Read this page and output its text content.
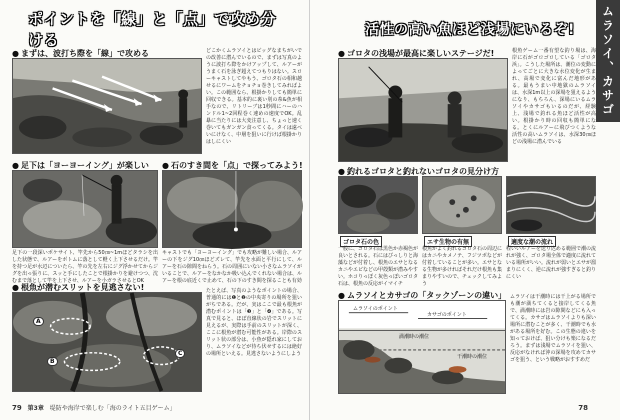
ポイントを「線」と「点」で攻め分ける
● まずは、波打ち際を「線」で攻める	どこかくムラソイとはビッグなまちがいでの改善に潜んでいるので、まずは写真のように波打ち際をかけアップして、ルアーがうまく石を泳ぎ超えてつもりはない。スローキャストしてやもう、ゴロタ石の相和越せるにワームをチョチョ巻きしてみればよい。この範囲なら、根掛かりしても簡単に回収できる。基本的に裏い別の糸&魚が相手なので、リトリーブは1秒間にハーのハンドル1~2回程巻く速めの速度でOK。乱暴に当たりには大変注意し、ちょっと速く巻いてもガンガン食ってくる。タイは遠べいにけなく、中層を狙いに行けば根掛かりはしにくい
● 足下は「ヨーヨーイング」が楽しい
足下の一段深いポケサイト、竿先から50㎝~1mほどタラシを出した状態で、ルアーをボトムに落として軽く上下させるだけ。竿を持つ足が水辺についたら、竿の先を左右にジグ浮かせてからジグを出っ張りに、スッと手にしたことで根掛かりを避けつつ、沈むまで落として竿を上下させ、ルアーを小ガラさせるとOK
● 石のすき間を「点」で探ってみよう!
キャストでも「ヨーヨーイング」でも攻略が難しい場合、ルアーの下をジグ10㎝ほどズレて、竿先を水面と平行にして、ルアーを石の隙間をねらう。石の周囲にいない小さなムラソイがいることで、ルアーをなかなか吸い込んでくれない場合は、ルアーを根の底近くで止めて、石の下のすき間を探ることも有効
● 根魚が潜むスリットを見逃さない!
A
B
C
たとえば、写真のようなポイントの場合、普通的には❶と❷の中央寄りの場所を狙いがちである。だが、実はここで最も根魚が潜むポイントは「❸」と「❹」である。写真で見ると、ほぼ直線状の岩でスリットに見えるが、実際は手前のスリットが深く、ここに根魚が潜む可能性がある。岸際のスリット状の部分は、小魚が隠れ家にしており、ムラソイなどが待ち伏せするには絶好の場所といえる。見逃さないようにしよう
79 第3章 堤防や海岸で楽しむ「海のライト五目ゲーム」
活性の高い魚ほど浅場にいるぞ!	ムラソイ、カサゴ
● ゴロタの浅場が最高に楽しいステージだ!	根魚ゲーム一番有望な釣り場は、海岸に石がゴロゴロしている「ゴロタ浜」。こうした場所は、潮位の変動によってごとに大きな水位変化が生まれ、高場で変化に富んだ地形がある。最もうまい中地獄のムラソイは、水深1m以上の深場を狙えるようになり、もちろん、深場にいるムラソイやカサゴもいるのだが、経験上、浅場で釣れる魚ほど活性が高い。根掛かり時の回収も簡単になる。とくにルアーに飛びつくような活性の高いムラソイは、水深30㎝ほどの浅場に潜んでいる
● 釣れるゴロタと釣れないゴロタの見分け方
ゴロタ石の色	エサ生物の有無	適度な潮の流れ
一般に、ゴロタ石は黒色か赤褐色が良いとされる。石にはびっしりと海藻などが付着し、根魚のエサとなるカニやエビなどの甲殻類が潜みやすい。ホコりっぽく灰色っぽいゴロタ石は、根魚の反応がイマイチ
根魚がよく釣れるゴロタ石の周辺にはカニやカメノテ、フジツボなどが付着していることが多い。エサとなる生物が多ければそれだけ根魚も集まりやすいので、チェックしてみよう
程いいルアーを送り込める範囲で潮の流れが強く、ゴロタ場全体で適度に流れている場所がいい。流れが弱いとエサが溜まりにくく、逆に流れが強すぎると釣りにくい
● ムラソイとカサゴの「タックゾーンの違い」
ムラソイのポイント
カサゴのポイント
満潮時の潮位
干潮時の潮位
ムラソイは干潮時には干上がる場所でも潮が満ちてくると接岸してくる魚で、満潮時には岩の隙間などにも入ってくる。カサゴはムラソイよりも深い場所に潜むことが多く、干潮時でも水がある場所を好む。この生態の違いを知っておけば、狙い分けも楽になるだろう。まずは浅場でムラソイを狙い、反応がなければ沖の深場を攻めてカサゴを狙う、という戦略がおすすめだ
78
